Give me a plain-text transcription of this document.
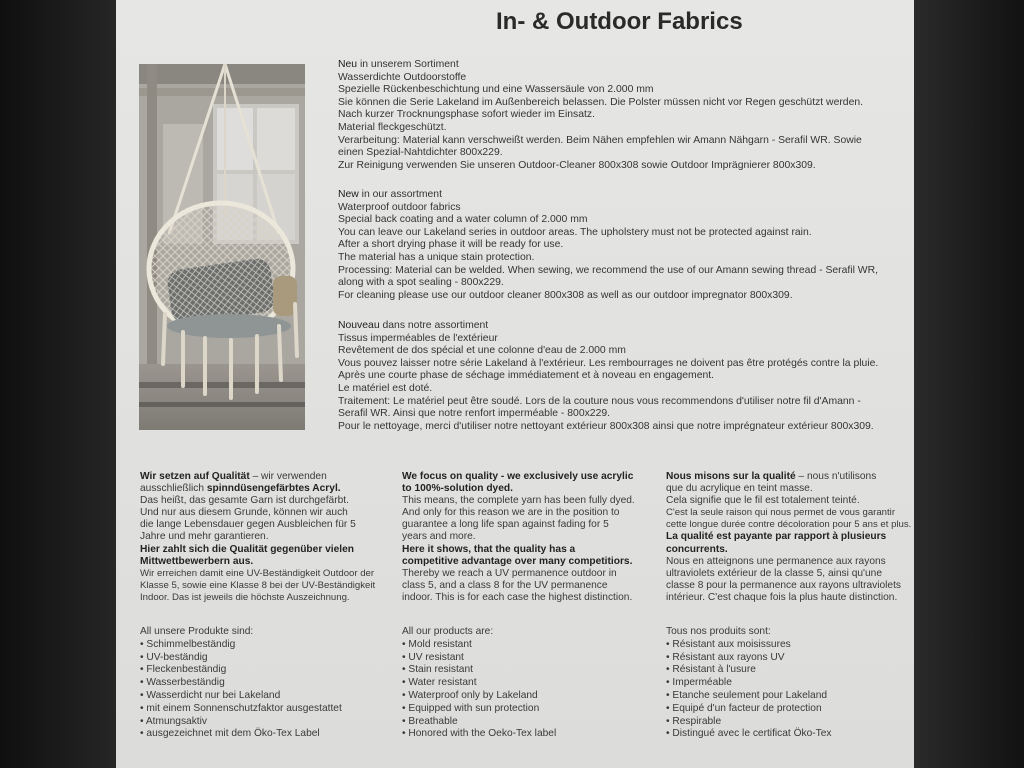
In- & Outdoor Fabrics
Neu in unserem Sortiment
Wasserdichte Outdoorstoffe
Spezielle Rückenbeschichtung und eine Wassersäule von 2.000 mm
Sie können die Serie Lakeland im Außenbereich belassen. Die Polster müssen nicht vor Regen geschützt werden.
Nach kurzer Trocknungsphase sofort wieder im Einsatz.
Material fleckgeschützt.
Verarbeitung: Material kann verschweißt werden. Beim Nähen empfehlen wir Amann Nähgarn - Serafil WR. Sowie
einen Spezial-Nahtdichter 800x229.
Zur Reinigung verwenden Sie unseren Outdoor-Cleaner 800x308 sowie Outdoor Imprägnierer 800x309.
New in our assortment
Waterproof outdoor fabrics
Special back coating and a water column of 2.000 mm
You can leave our Lakeland series in outdoor areas. The upholstery must not be protected against rain.
After a short drying phase it will be ready for use.
The material has a unique stain protection.
Processing: Material can be welded. When sewing, we recommend the use of our Amann sewing thread - Serafil WR,
along with a spot sealing - 800x229.
For cleaning please use our outdoor cleaner 800x308 as well as our outdoor impregnator 800x309.
Nouveau dans notre assortiment
Tissus imperméables de l'extérieur
Revêtement de dos spécial et une colonne d'eau de 2.000 mm
Vous pouvez laisser notre série Lakeland à l'extérieur. Les rembourrages ne doivent pas être protégés contre la pluie.
Après une courte phase de séchage immédiatement et à noveau en engagement.
Le matériel est doté.
Traitement: Le matériel peut être soudé. Lors de la couture nous vous recommendons d'utiliser notre fil d'Amann -
Serafil WR. Ainsi que notre renfort imperméable - 800x229.
Pour le nettoyage, merci d'utiliser notre nettoyant extérieur 800x308 ainsi que notre imprégnateur extérieur 800x309.

Wir setzen auf Qualität – wir verwenden

ausschließlich spinndüsengefärbtes Acryl.

Das heißt, das gesamte Garn ist durchgefärbt.

Und nur aus diesem Grunde, können wir auch

die lange Lebensdauer gegen Ausbleichen für 5

Jahre und mehr garantieren.

Hier zahlt sich die Qualität gegenüber vielen

Mittwettbewerbern aus.

Wir erreichen damit eine UV-Beständigkeit Outdoor der

Klasse 5, sowie eine Klasse 8 bei der UV-Beständigkeit

Indoor. Das ist jeweils die höchste Auszeichnung.

We focus on quality - we exclusively use acrylic

to 100%-solution dyed.

This means, the complete yarn has been fully dyed.

And only for this reason we are in the position to

guarantee a long life span against fading for 5

years and more.

Here it shows, that the quality has a

competitive advantage over many competitiors.

Thereby we reach a UV permanence outdoor in

class 5, and a class 8 for the UV permanence

indoor. This is for each case the highest distinction.

Nous misons sur la qualité – nous n'utilisons

que du acrylique en teint masse.

Cela signifie que le fil est totalement teinté.

C'est la seule raison qui nous permet de vous garantir

cette longue durée contre décoloration pour 5 ans et plus.

La qualité est payante par rapport à plusieurs

concurrents.

Nous en atteignons une permanence aux rayons

ultraviolets extérieur de la classe 5, ainsi qu'une

classe 8 pour la permanence aux rayons ultraviolets

intérieur. C'est chaque fois la plus haute distinction.

All unsere Produkte sind:
• Schimmelbeständig
• UV-beständig
• Fleckenbeständig
• Wasserbeständig
• Wasserdicht nur bei Lakeland
• mit einem Sonnenschutzfaktor ausgestattet
• Atmungsaktiv
• ausgezeichnet mit dem Öko-Tex Label
All our products are:
• Mold resistant
• UV resistant
• Stain resistant
• Water resistant
• Waterproof only by Lakeland
• Equipped with sun protection
• Breathable
• Honored with the Oeko-Tex label
Tous nos produits sont:
• Résistant aux moisissures
• Résistant aux rayons UV
• Résistant à l'usure
• Imperméable
• Etanche seulement pour Lakeland
• Equipé d'un facteur de protection
• Respirable
• Distingué avec le certificat Öko-Tex
